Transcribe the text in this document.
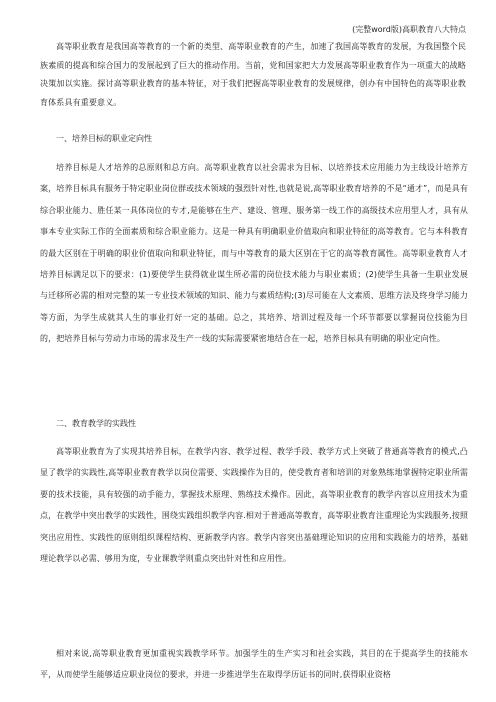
(完整word版)高职教育八大特点

高等职业教育是我国高等教育的一个新的类型、高等职业教育的产生，加速了我国高等教育的发展，为我国整个民族素质的提高和综合国力的发展起到了巨大的推动作用。当前，党和国家把大力发展高等职业教育作为一项重大的战略决策加以实施。探讨高等职业教育的基本特征，对于我们把握高等职业教育的发展规律，创办有中国特色的高等职业教育体系具有重要意义。

一、培养目标的职业定向性

培养目标是人才培养的总原则和总方向。高等职业教育以社会需求为目标、以培养技术应用能力为主线设计培养方案，培养目标具有服务于特定职业岗位群或技术领域的强烈针对性,也就是说,高等职业教育培养的不是“通才”，而是具有综合职业能力、胜任某一具体岗位的专才,是能够在生产、建设、管理、服务第一线工作的高级技术应用型人才，具有从事本专业实际工作的全面素质和综合职业能力。这是一种具有明确职业价值取向和职业特征的高等教育。它与本科教育的最大区别在于明确的职业价值取向和职业特征，而与中等教育的最大区别在于它的高等教育属性。高等职业教育人才培养目标满足以下的要求：(1)要使学生获得就业谋生所必需的岗位技术能力与职业素质；(2)使学生具备一生职业发展与迁移所必需的相对完整的某一专业技术领域的知识、能力与素质结构;(3)尽可能在人文素质、思维方法及终身学习能力等方面，为学生成就其人生的事业打好一定的基础。总之，其培养、培训过程及每一个环节都要以掌握岗位技能为目的，把培养目标与劳动力市场的需求及生产一线的实际需要紧密地结合在一起，培养目标具有明确的职业定向性。

二、教育教学的实践性

高等职业教育为了实现其培养目标，在教学内容、教学过程、教学手段、教学方式上突破了普通高等教育的模式,凸显了教学的实践性,高等职业教育教学以岗位需要、实践操作为目的，使受教育者和培训的对象熟练地掌握特定职业所需要的技术技能，具有较强的动手能力，掌握技术原理、熟练技术操作。因此，高等职业教育的教学内容以应用技术为重点，在教学中突出教学的实践性，围绕实践组织教学内容.相对于普通高等教育，高等职业教育注重理论为实践服务,按照突出应用性、实践性的原则组织课程结构、更新教学内容。教学内容突出基础理论知识的应用和实践能力的培养，基础理论教学以必需、够用为度，专业课教学则重点突出针对性和应用性。

相对来说,高等职业教育更加重视实践教学环节。加强学生的生产实习和社会实践，其目的在于提高学生的技能水平，从而使学生能够适应职业岗位的要求，并进一步推进学生在取得学历证书的同时,获得职业资格
